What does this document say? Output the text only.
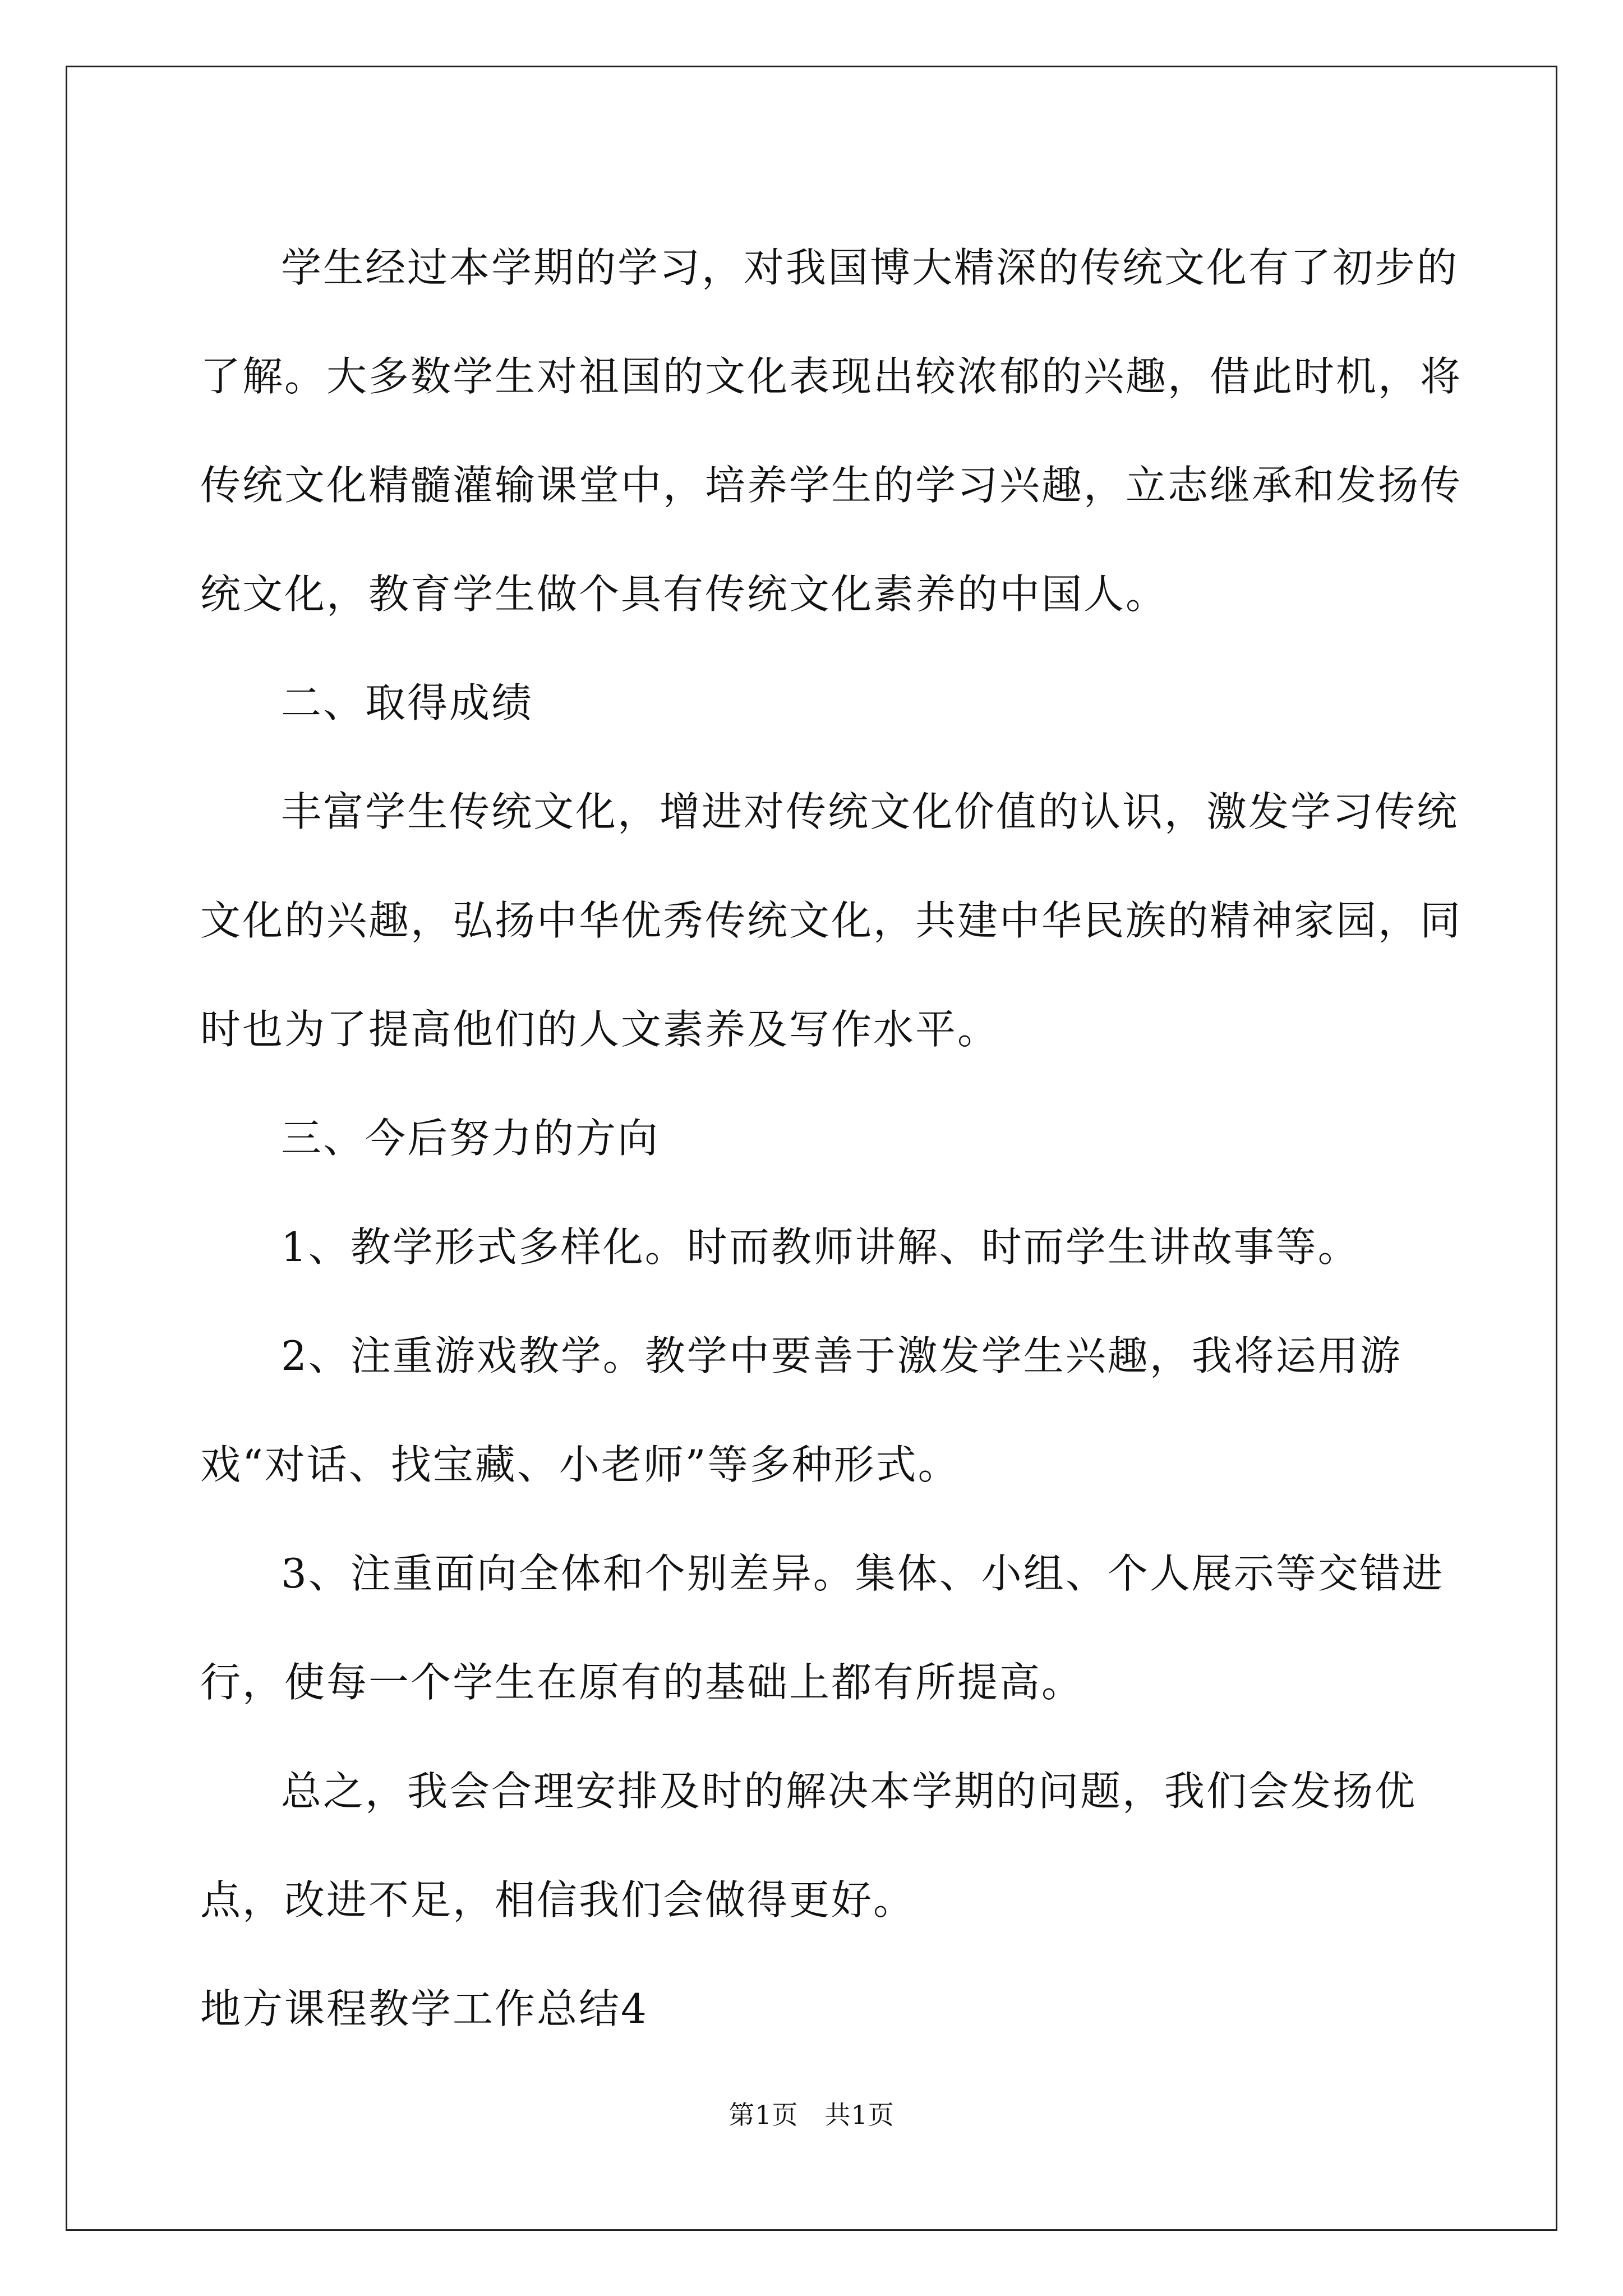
学生经过本学期的学习，对我国博大精深的传统文化有了初步的了解。大多数学生对祖国的文化表现出较浓郁的兴趣，借此时机，将传统文化精髓灌输课堂中，培养学生的学习兴趣，立志继承和发扬传统文化，教育学生做个具有传统文化素养的中国人。

二、取得成绩

丰富学生传统文化，增进对传统文化价值的认识，激发学习传统文化的兴趣，弘扬中华优秀传统文化，共建中华民族的精神家园，同时也为了提高他们的人文素养及写作水平。

三、今后努力的方向

1、教学形式多样化。时而教师讲解、时而学生讲故事等。

2、注重游戏教学。教学中要善于激发学生兴趣，我将运用游戏“对话、找宝藏、小老师”等多种形式。

3、注重面向全体和个别差异。集体、小组、个人展示等交错进行，使每一个学生在原有的基础上都有所提高。

总之，我会合理安排及时的解决本学期的问题，我们会发扬优点，改进不足，相信我们会做得更好。

地方课程教学工作总结4

第1页　共1页
